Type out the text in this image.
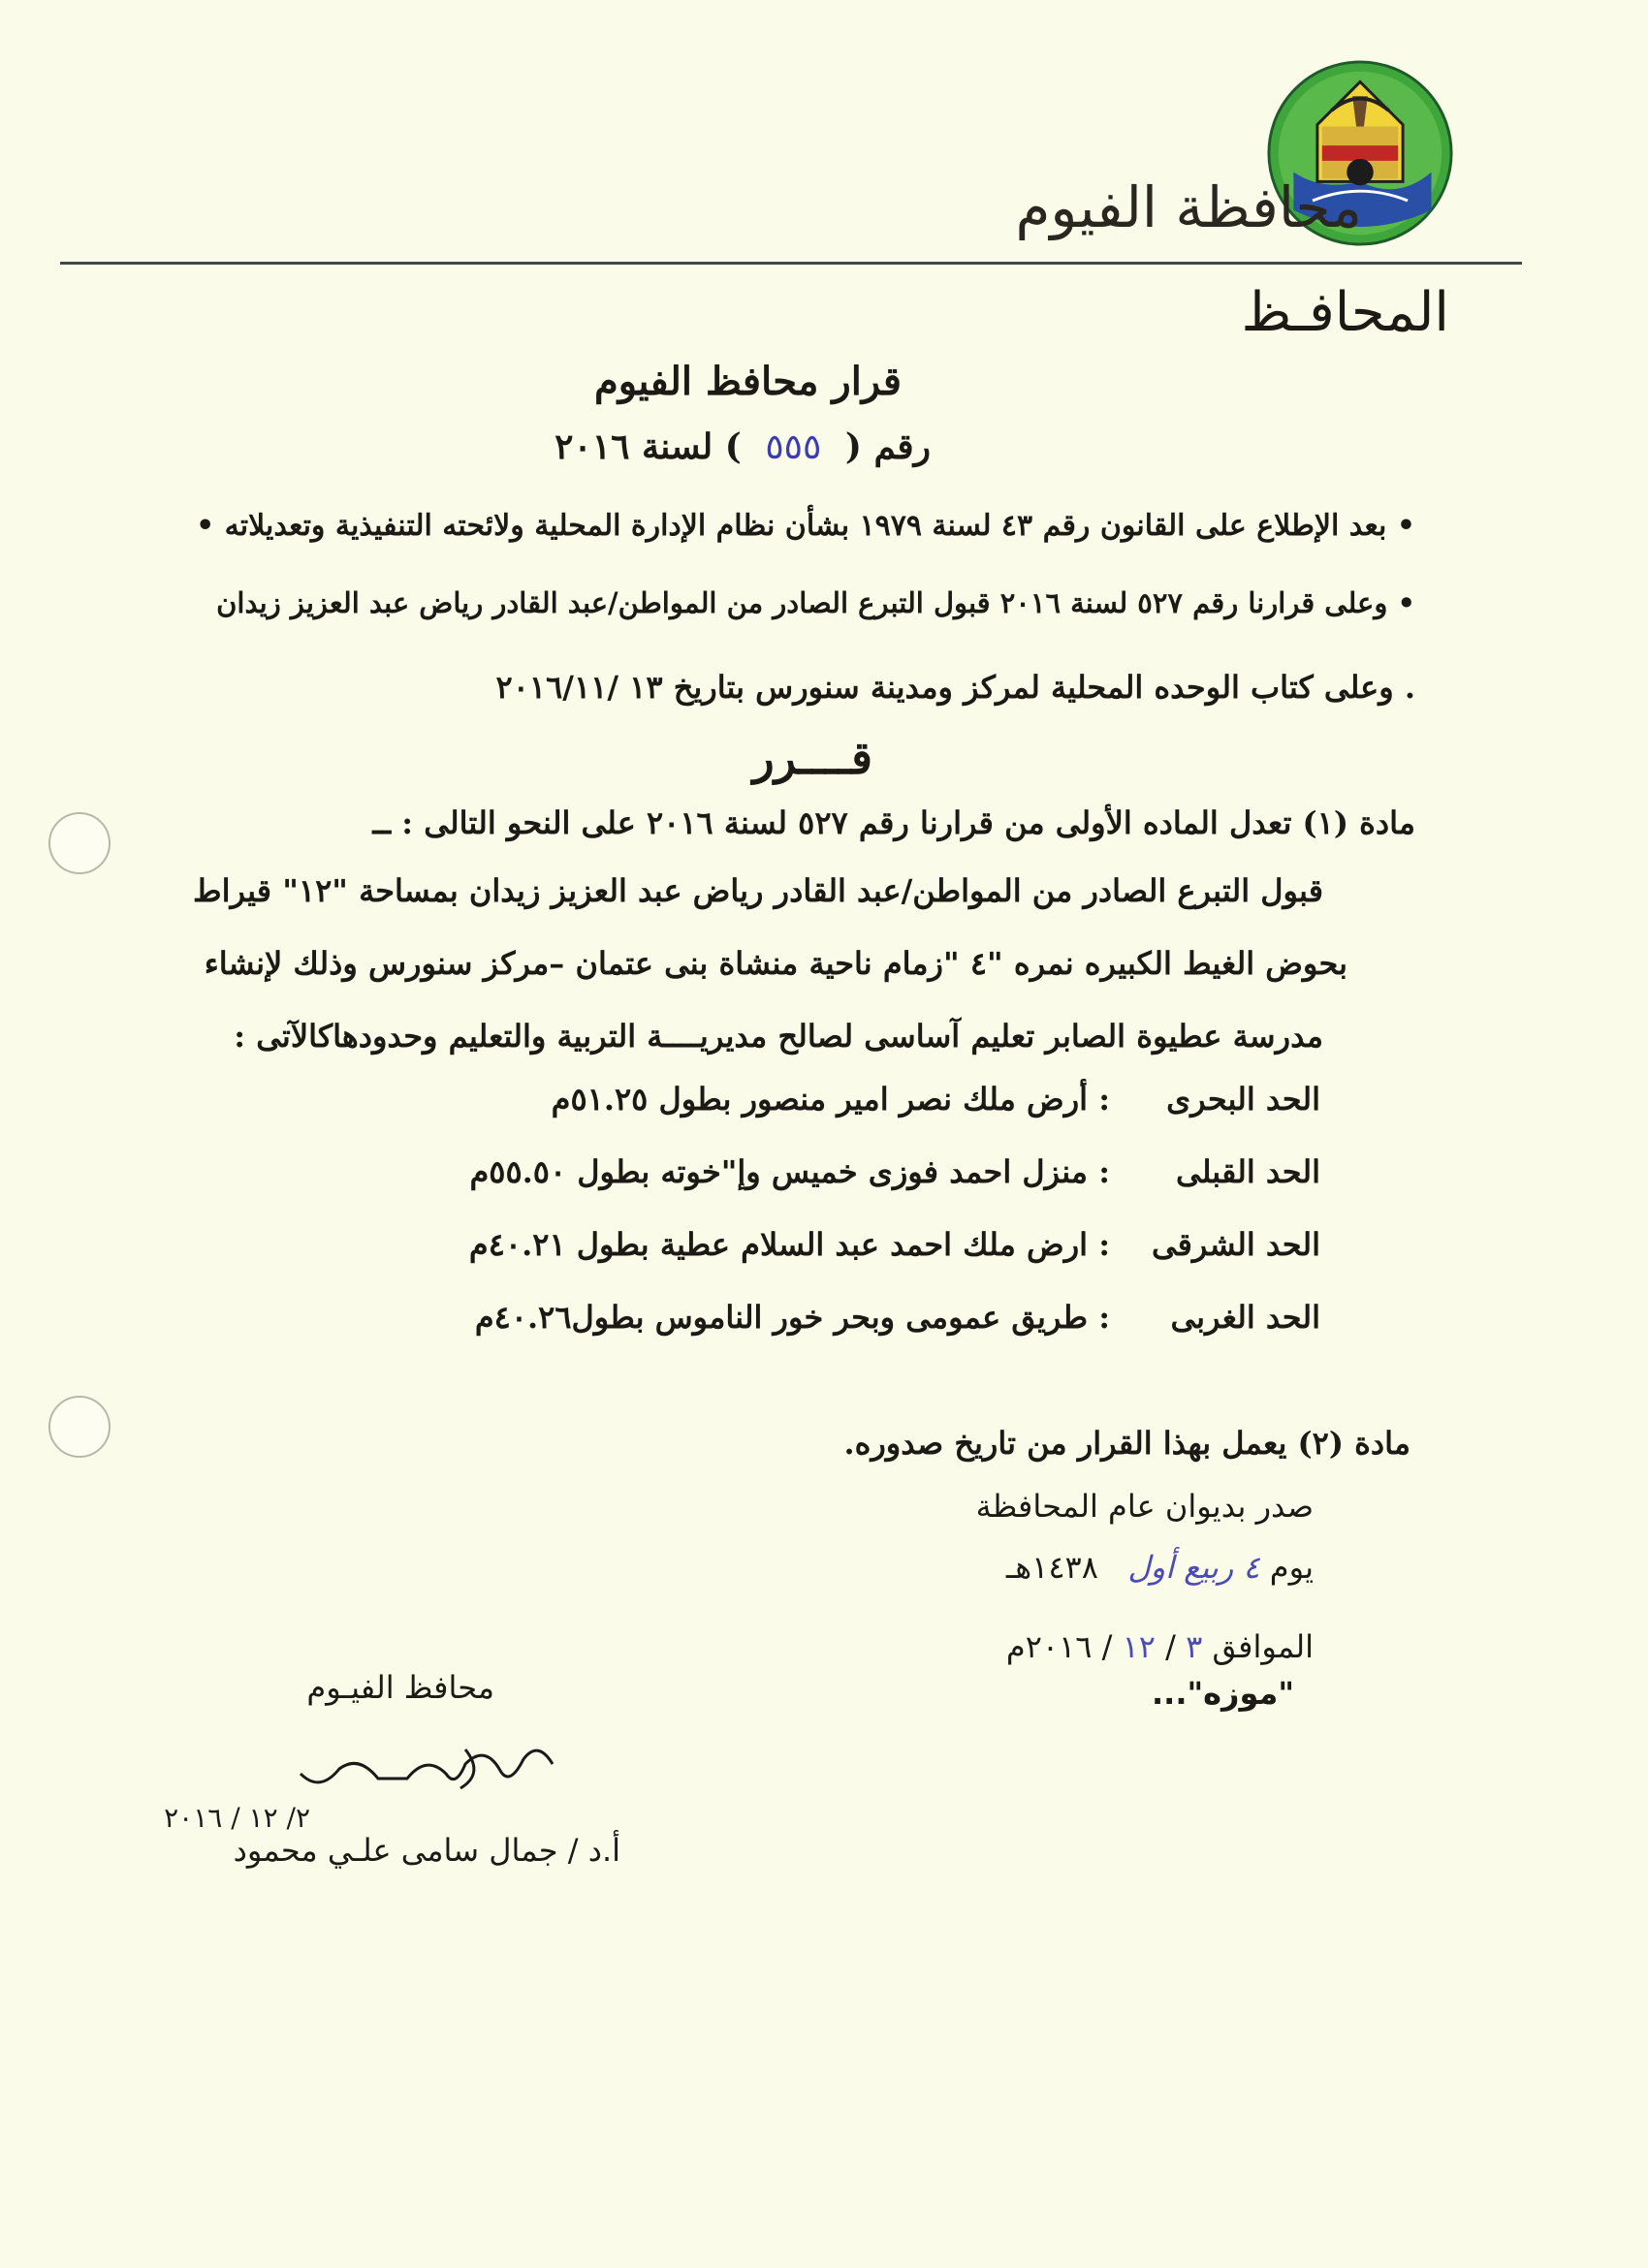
محافظة الفيوم
المحافـظ
قرار محافظ الفيوم
رقم ( ٥٥٥ ) لسنة ٢٠١٦
• بعد الإطلاع على القانون رقم ٤٣ لسنة ١٩٧٩ بشأن نظام الإدارة المحلية ولائحته التنفيذية وتعديلاته •
• وعلى قرارنا رقم ٥٢٧ لسنة ٢٠١٦ قبول التبرع الصادر من المواطن/عبد القادر رياض عبد العزيز زيدان
. وعلى كتاب الوحده المحلية لمركز ومدينة سنورس بتاريخ ١٣ /٢٠١٦/١١
قــــرر
مادة (١) تعدل الماده الأولى من قرارنا رقم ٥٢٧ لسنة ٢٠١٦ على النحو التالى : ــ
قبول التبرع الصادر من المواطن/عبد القادر رياض عبد العزيز زيدان بمساحة "١٢" قيراط
بحوض الغيط الكبيره نمره "٤ "زمام ناحية منشاة بنى عتمان –مركز سنورس وذلك لإنشاء
مدرسة عطيوة الصابر تعليم آساسى لصالح مديريــــة التربية والتعليم وحدودهاكالآتى :
الحد البحرى
: أرض ملك نصر امير منصور بطول ٥١.٢٥م
الحد القبلى
: منزل احمد فوزى خميس وإ"خوته بطول ٥٥.٥٠م
الحد الشرقى
: ارض ملك احمد عبد السلام عطية بطول ٤٠.٢١م
الحد الغربى
: طريق عمومى وبحر خور الناموس بطول٤٠.٢٦م
مادة (٢) يعمل بهذا القرار من تاريخ صدوره.
صدر بديوان عام المحافظة
يوم ٤ ربيع أول   ١٤٣٨هـ
الموافق ٣ / ١٢ / ٢٠١٦م
"موزه"...
محافظ الفيـوم
٢/ ١٢ / ٢٠١٦
أ.د / جمال سامى علـي محمود
